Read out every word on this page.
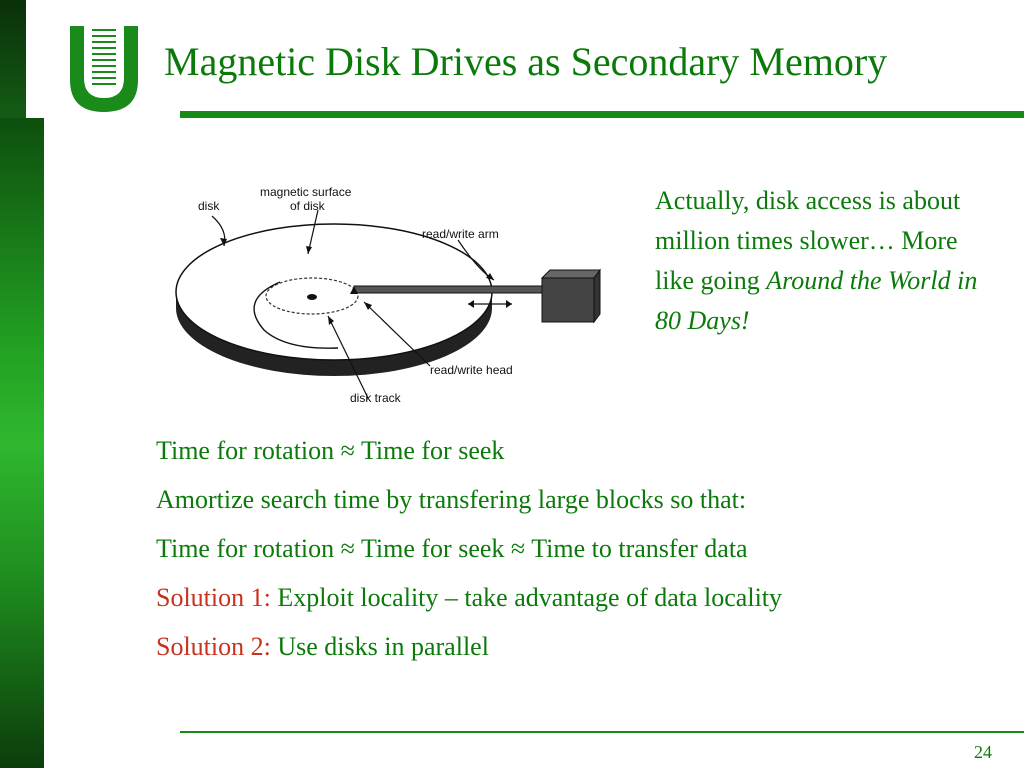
Magnetic Disk Drives as Secondary Memory
disk
magnetic surface
of disk
read/write arm
read/write head
disk track
Actually, disk access is about million times slower… More like going Around the World in 80 Days!
Time for rotation ≈ Time for seek
Amortize search time by transfering large blocks so that:
Time for rotation ≈ Time for seek ≈ Time to transfer data
Solution 1: Exploit locality – take advantage of data locality
Solution 2: Use disks in parallel
24
